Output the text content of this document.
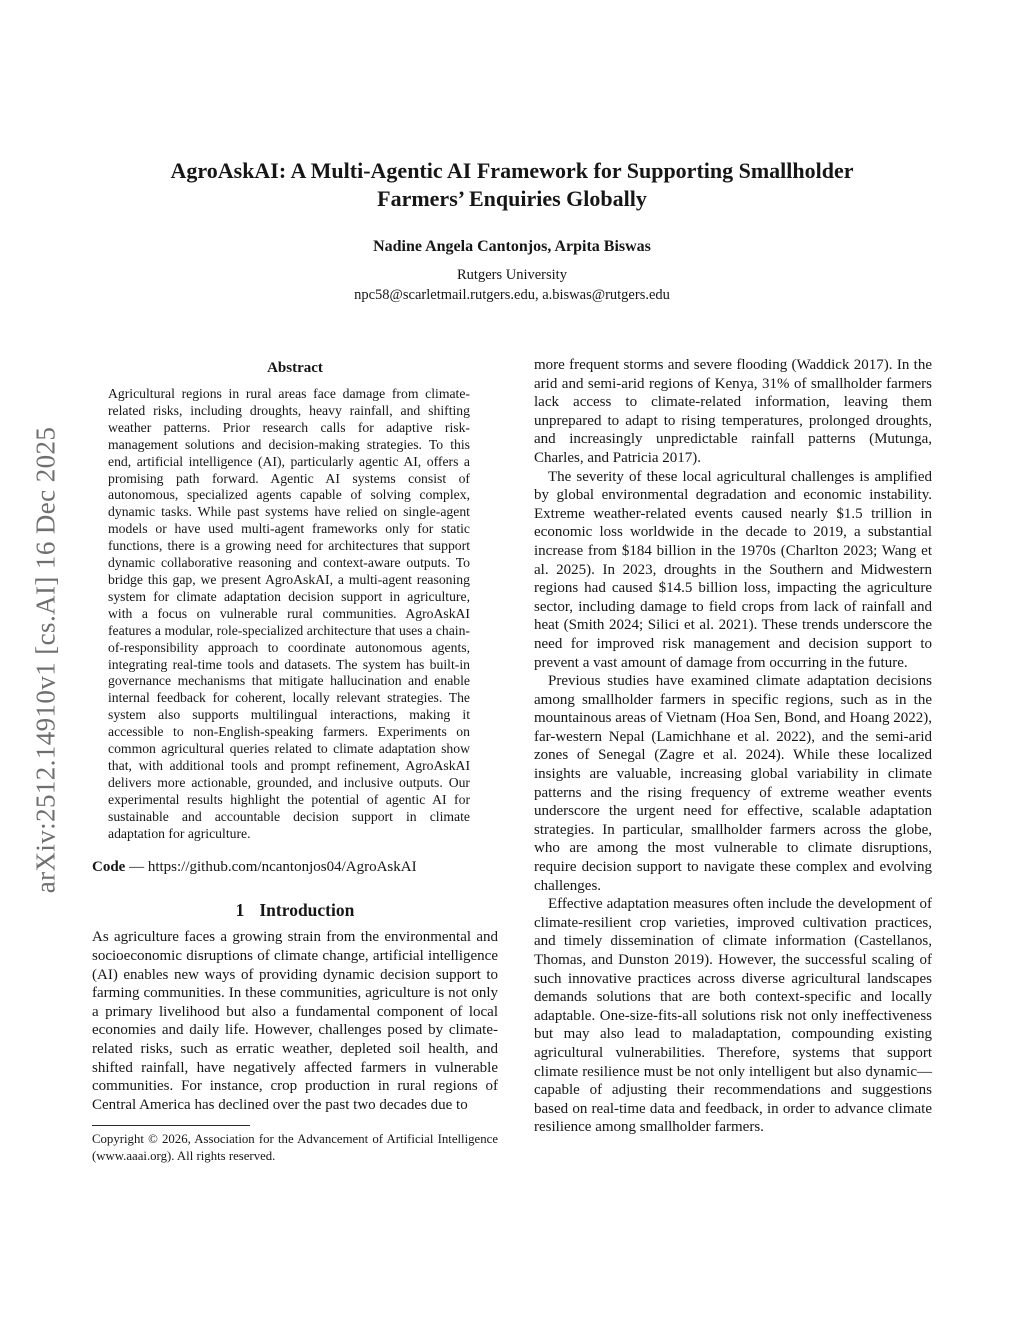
arXiv:2512.14910v1 [cs.AI] 16 Dec 2025
AgroAskAI: A Multi-Agentic AI Framework for Supporting Smallholder Farmers’ Enquiries Globally
Nadine Angela Cantonjos, Arpita Biswas
Rutgers University
npc58@scarletmail.rutgers.edu, a.biswas@rutgers.edu
Abstract

Agricultural regions in rural areas face damage from climate-related risks, including droughts, heavy rainfall, and shifting weather patterns. Prior research calls for adaptive risk-management solutions and decision-making strategies. To this end, artificial intelligence (AI), particularly agentic AI, offers a promising path forward. Agentic AI systems consist of autonomous, specialized agents capable of solving complex, dynamic tasks. While past systems have relied on single-agent models or have used multi-agent frameworks only for static functions, there is a growing need for architectures that support dynamic collaborative reasoning and context-aware outputs. To bridge this gap, we present AgroAskAI, a multi-agent reasoning system for climate adaptation decision support in agriculture, with a focus on vulnerable rural communities. AgroAskAI features a modular, role-specialized architecture that uses a chain-of-responsibility approach to coordinate autonomous agents, integrating real-time tools and datasets. The system has built-in governance mechanisms that mitigate hallucination and enable internal feedback for coherent, locally relevant strategies. The system also supports multilingual interactions, making it accessible to non-English-speaking farmers. Experiments on common agricultural queries related to climate adaptation show that, with additional tools and prompt refinement, AgroAskAI delivers more actionable, grounded, and inclusive outputs. Our experimental results highlight the potential of agentic AI for sustainable and accountable decision support in climate adaptation for agriculture.

Code — https://github.com/ncantonjos04/AgroAskAI

1 Introduction

As agriculture faces a growing strain from the environmental and socioeconomic disruptions of climate change, artificial intelligence (AI) enables new ways of providing dynamic decision support to farming communities. In these communities, agriculture is not only a primary livelihood but also a fundamental component of local economies and daily life. However, challenges posed by climate-related risks, such as erratic weather, depleted soil health, and shifted rainfall, have negatively affected farmers in vulnerable communities. For instance, crop production in rural regions of Central America has declined over the past two decades due to

Copyright © 2026, Association for the Advancement of Artificial Intelligence (www.aaai.org). All rights reserved.

more frequent storms and severe flooding (Waddick 2017). In the arid and semi-arid regions of Kenya, 31% of smallholder farmers lack access to climate-related information, leaving them unprepared to adapt to rising temperatures, prolonged droughts, and increasingly unpredictable rainfall patterns (Mutunga, Charles, and Patricia 2017).

The severity of these local agricultural challenges is amplified by global environmental degradation and economic instability. Extreme weather-related events caused nearly $1.5 trillion in economic loss worldwide in the decade to 2019, a substantial increase from $184 billion in the 1970s (Charlton 2023; Wang et al. 2025). In 2023, droughts in the Southern and Midwestern regions had caused $14.5 billion loss, impacting the agriculture sector, including damage to field crops from lack of rainfall and heat (Smith 2024; Silici et al. 2021). These trends underscore the need for improved risk management and decision support to prevent a vast amount of damage from occurring in the future.

Previous studies have examined climate adaptation decisions among smallholder farmers in specific regions, such as in the mountainous areas of Vietnam (Hoa Sen, Bond, and Hoang 2022), far-western Nepal (Lamichhane et al. 2022), and the semi-arid zones of Senegal (Zagre et al. 2024). While these localized insights are valuable, increasing global variability in climate patterns and the rising frequency of extreme weather events underscore the urgent need for effective, scalable adaptation strategies. In particular, smallholder farmers across the globe, who are among the most vulnerable to climate disruptions, require decision support to navigate these complex and evolving challenges.

Effective adaptation measures often include the development of climate-resilient crop varieties, improved cultivation practices, and timely dissemination of climate information (Castellanos, Thomas, and Dunston 2019). However, the successful scaling of such innovative practices across diverse agricultural landscapes demands solutions that are both context-specific and locally adaptable. One-size-fits-all solutions risk not only ineffectiveness but may also lead to maladaptation, compounding existing agricultural vulnerabilities. Therefore, systems that support climate resilience must be not only intelligent but also dynamic—capable of adjusting their recommendations and suggestions based on real-time data and feedback, in order to advance climate resilience among smallholder farmers.
